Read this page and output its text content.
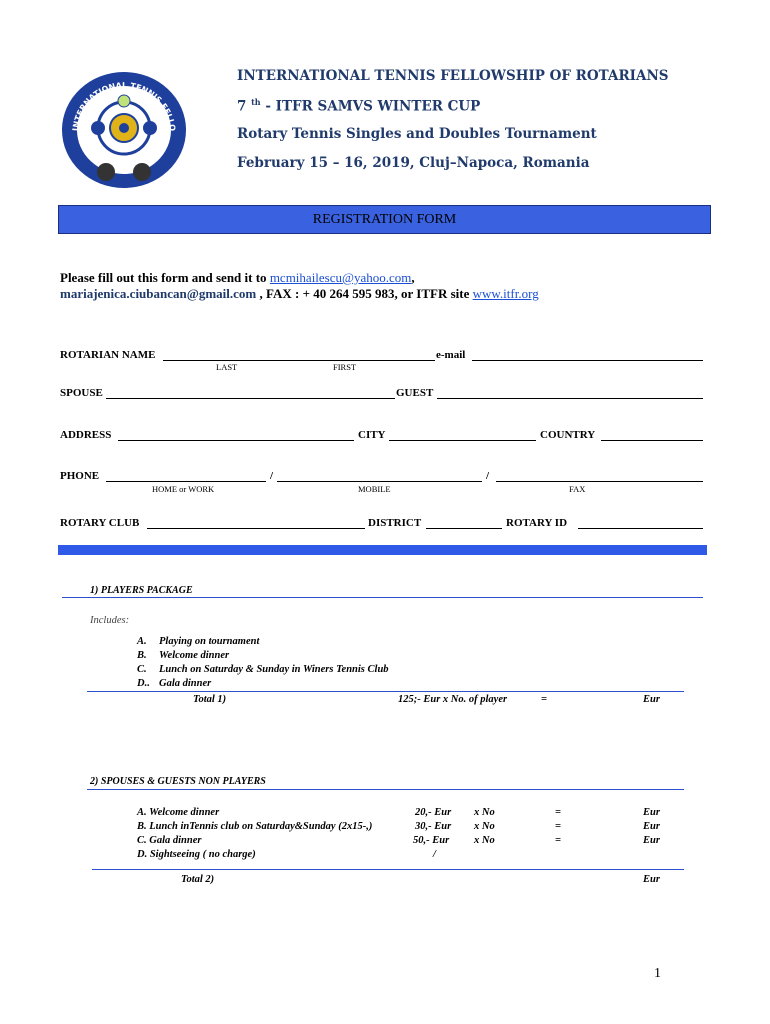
INTERNATIONAL TENNIS FELLO
INTERNATIONAL TENNIS FELLOWSHIP OF ROTARIANS
7 $^{th}$ - ITFR SAMVS WINTER CUP
Rotary Tennis Singles and Doubles Tournament
February 15 – 16, 2019, Cluj–Napoca, Romania
REGISTRATION FORM
Please fill out this form and send it to mcmihailescu@yahoo.com,
mariajenica.ciubancan@gmail.com , FAX : + 40 264 595 983, or ITFR site www.itfr.org
ROTARIAN NAME	e-mail
LAST	FIRST
SPOUSE	GUEST
ADDRESS	CITY	COUNTRY
PHONE	/	/
HOME or WORK	MOBILE	FAX
ROTARY CLUB	DISTRICT	ROTARY ID
1) PLAYERS PACKAGE
Includes:
A. Playing on tournament
B. Welcome dinner
C. Lunch on Saturday & Sunday in Winers Tennis Club
D.. Gala dinner
Total 1)	125;- Eur x No. of player	=	Eur
2) SPOUSES & GUESTS NON PLAYERS
A. Welcome dinner	20,- Eur x No	=	Eur
B. Lunch inTennis club on Saturday&Sunday (2x15-,)	30,- Eur x No	=	Eur
C. Gala dinner	50,- Eur x No	=	Eur
D. Sightseeing ( no charge)	/
Total 2)	Eur
1
